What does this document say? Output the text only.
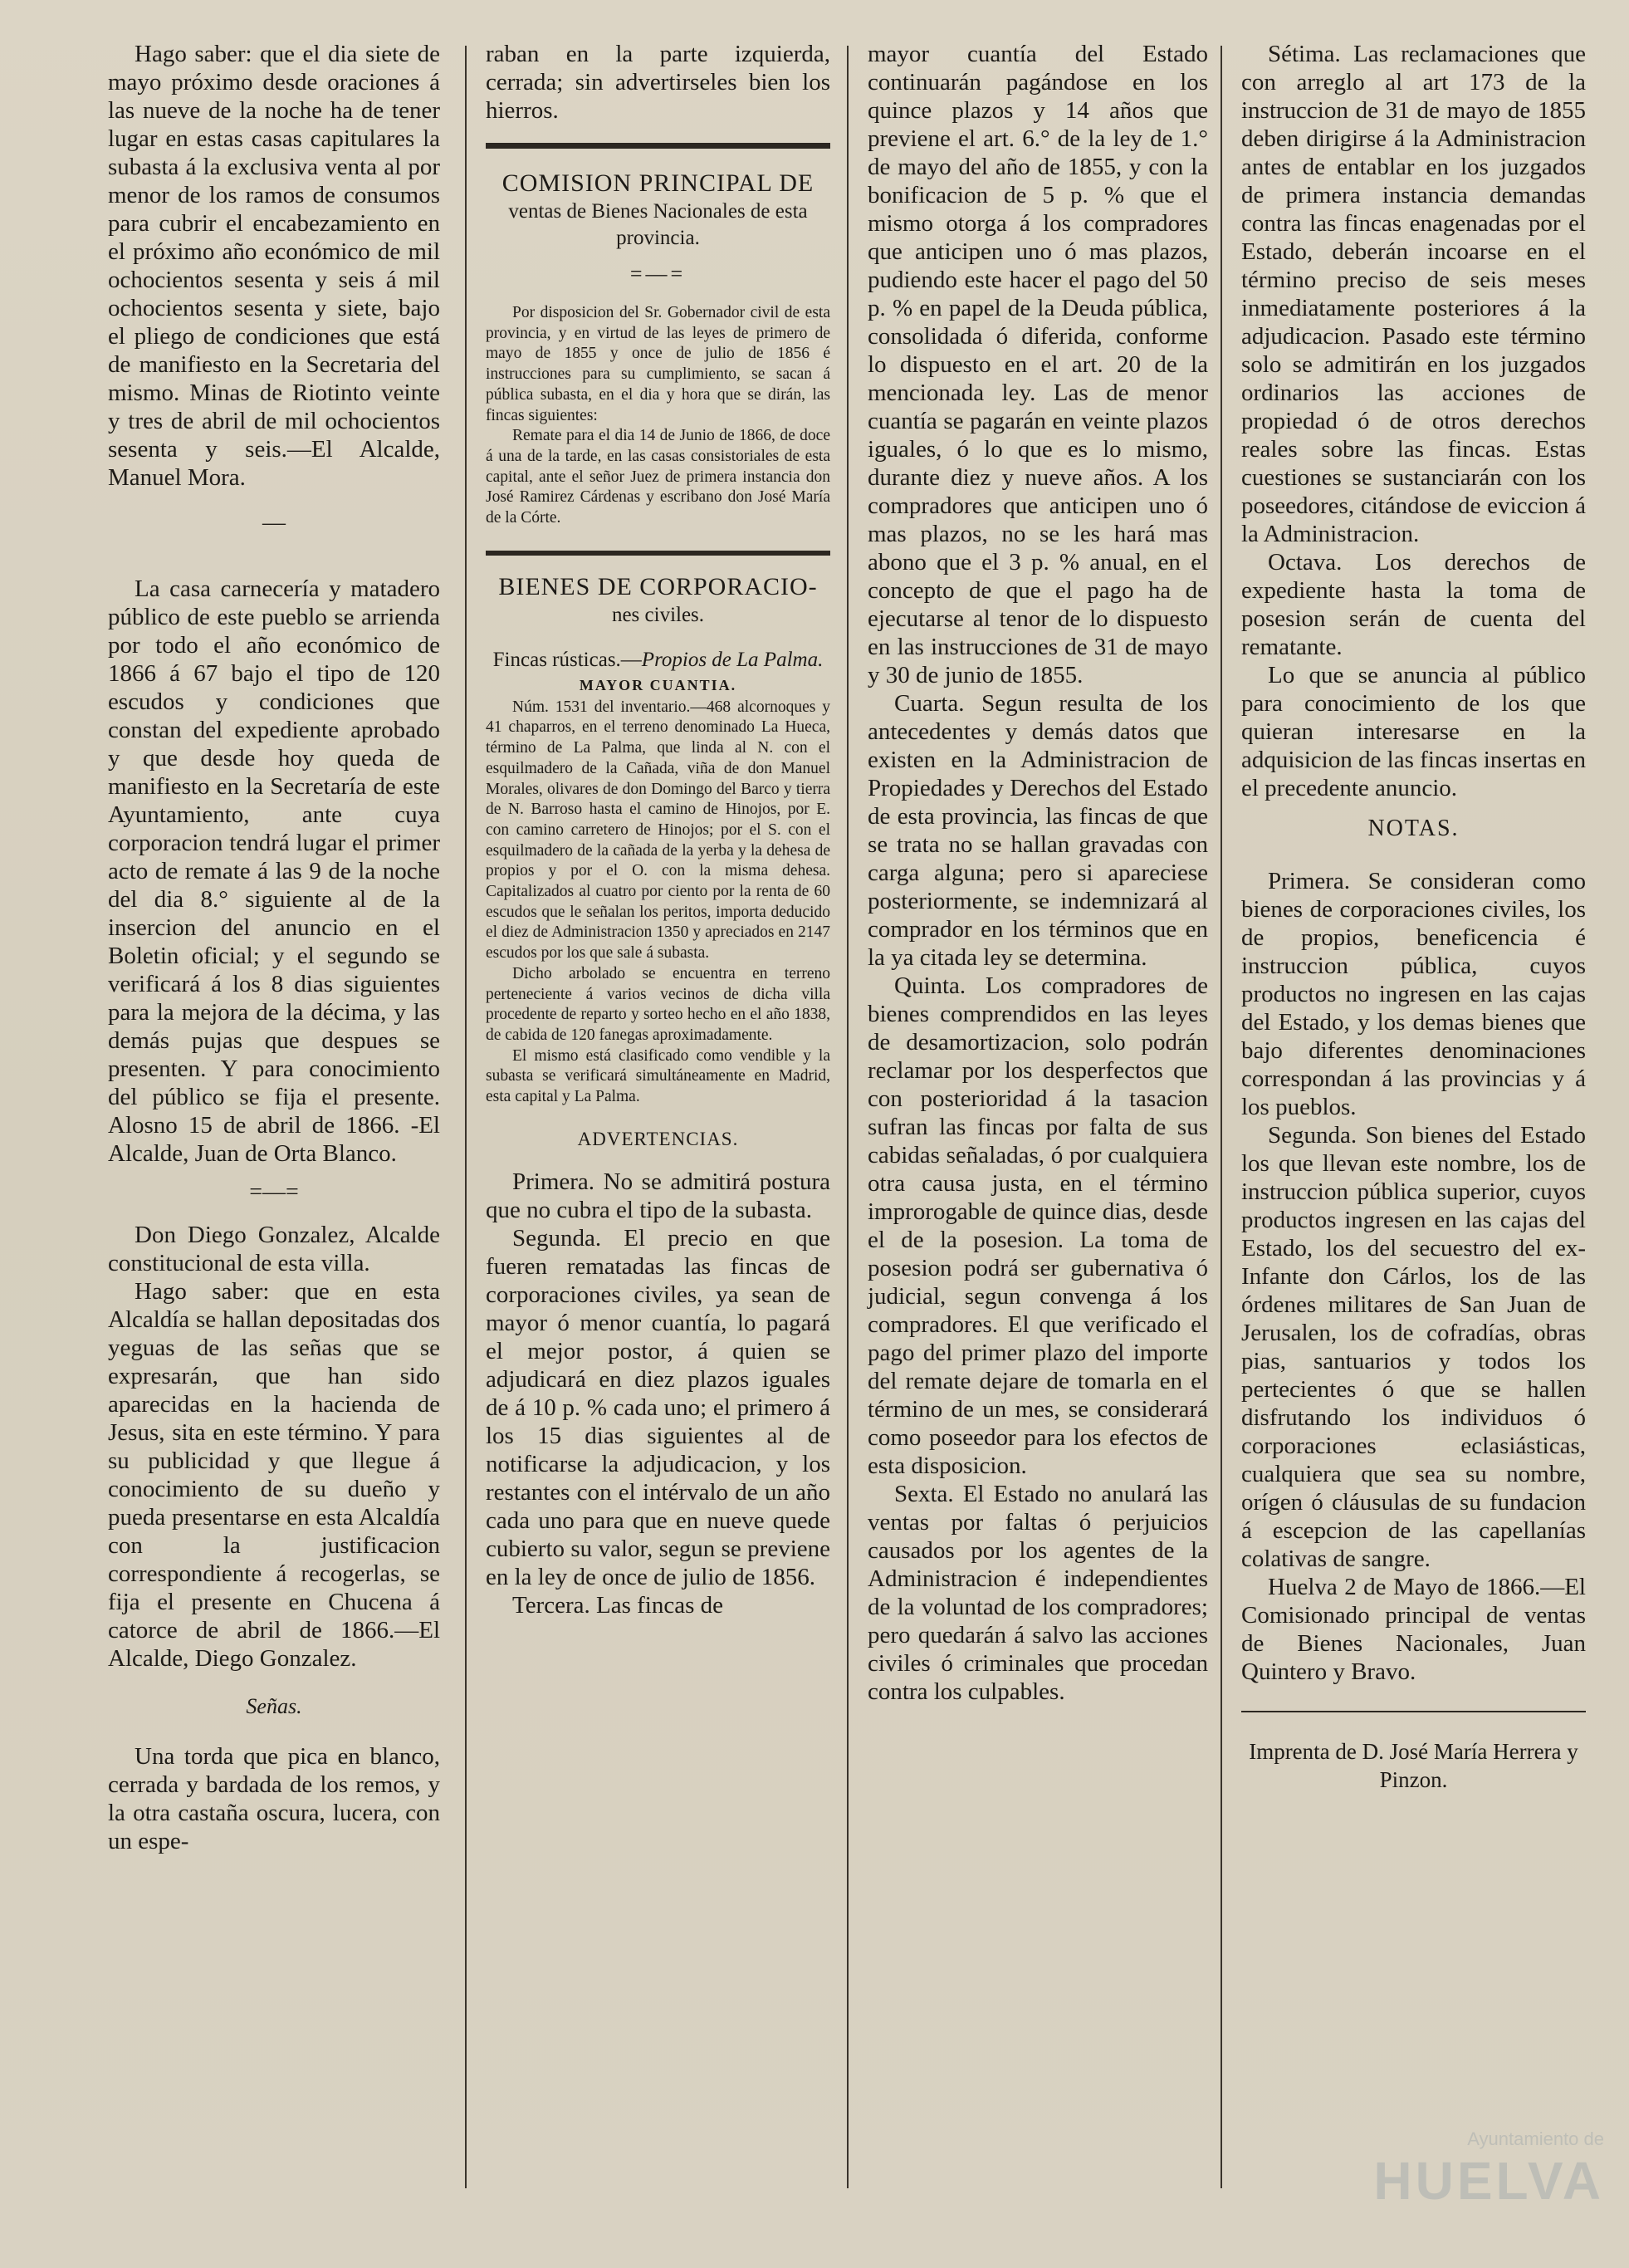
Hago saber: que el dia siete de mayo próximo desde oraciones á las nueve de la noche ha de tener lugar en estas casas capitulares la subasta á la exclusiva venta al por menor de los ramos de consumos para cubrir el encabezamiento en el próximo año económico de mil ochocientos sesenta y seis á mil ochocientos sesenta y siete, bajo el pliego de condiciones que está de manifiesto en la Secretaria del mismo. Minas de Riotinto veinte y tres de abril de mil ochocientos sesenta y seis.—El Alcalde, Manuel Mora.

—

La casa carnecería y matadero público de este pueblo se arrienda por todo el año económico de 1866 á 67 bajo el tipo de 120 escudos y condiciones que constan del expediente aprobado y que desde hoy queda de manifiesto en la Secretaría de este Ayuntamiento, ante cuya corporacion tendrá lugar el primer acto de remate á las 9 de la noche del dia 8.° siguiente al de la insercion del anuncio en el Boletin oficial; y el segundo se verificará á los 8 dias siguientes para la mejora de la décima, y las demás pujas que despues se presenten. Y para conocimiento del público se fija el presente. Alosno 15 de abril de 1866. -El Alcalde, Juan de Orta Blanco.

=—=

Don Diego Gonzalez, Alcalde constitucional de esta villa.

Hago saber: que en esta Alcaldía se hallan depositadas dos yeguas de las señas que se expresarán, que han sido aparecidas en la hacienda de Jesus, sita en este término. Y para su publicidad y que llegue á conocimiento de su dueño y pueda presentarse en esta Alcaldía con la justificacion correspondiente á recogerlas, se fija el presente en Chucena á catorce de abril de 1866.—El Alcalde, Diego Gonzalez.

Señas.

Una torda que pica en blanco, cerrada y bardada de los remos, y la otra castaña oscura, lucera, con un espe-

raban en la parte izquierda, cerrada; sin advertirseles bien los hierros.

COMISION PRINCIPAL DE

ventas de Bienes Nacionales de esta provincia.

=—=

Por disposicion del Sr. Gobernador civil de esta provincia, y en virtud de las leyes de primero de mayo de 1855 y once de julio de 1856 é instrucciones para su cumplimiento, se sacan á pública subasta, en el dia y hora que se dirán, las fincas siguientes:

Remate para el dia 14 de Junio de 1866, de doce á una de la tarde, en las casas consistoriales de esta capital, ante el señor Juez de primera instancia don José Ramirez Cárdenas y escribano don José María de la Córte.

BIENES DE CORPORACIO-

nes civiles.

Fincas rústicas.—Propios de La Palma.

MAYOR CUANTIA.

Núm. 1531 del inventario.—468 alcornoques y 41 chaparros, en el terreno denominado La Hueca, término de La Palma, que linda al N. con el esquilmadero de la Cañada, viña de don Manuel Morales, olivares de don Domingo del Barco y tierra de N. Barroso hasta el camino de Hinojos, por E. con camino carretero de Hinojos; por el S. con el esquilmadero de la cañada de la yerba y la dehesa de propios y por el O. con la misma dehesa. Capitalizados al cuatro por ciento por la renta de 60 escudos que le señalan los peritos, importa deducido el diez de Administracion 1350 y apreciados en 2147 escudos por los que sale á subasta.

Dicho arbolado se encuentra en terreno perteneciente á varios vecinos de dicha villa procedente de reparto y sorteo hecho en el año 1838, de cabida de 120 fanegas aproximadamente.

El mismo está clasificado como vendible y la subasta se verificará simultáneamente en Madrid, esta capital y La Palma.

ADVERTENCIAS.

Primera. No se admitirá postura que no cubra el tipo de la subasta.

Segunda. El precio en que fueren rematadas las fincas de corporaciones civiles, ya sean de mayor ó menor cuantía, lo pagará el mejor postor, á quien se adjudicará en diez plazos iguales de á 10 p. % cada uno; el primero á los 15 dias siguientes al de notificarse la adjudicacion, y los restantes con el intérvalo de un año cada uno para que en nueve quede cubierto su valor, segun se previene en la ley de once de julio de 1856.

Tercera. Las fincas de

mayor cuantía del Estado continuarán pagándose en los quince plazos y 14 años que previene el art. 6.° de la ley de 1.° de mayo del año de 1855, y con la bonificacion de 5 p. % que el mismo otorga á los compradores que anticipen uno ó mas plazos, pudiendo este hacer el pago del 50 p. % en papel de la Deuda pública, consolidada ó diferida, conforme lo dispuesto en el art. 20 de la mencionada ley. Las de menor cuantía se pagarán en veinte plazos iguales, ó lo que es lo mismo, durante diez y nueve años. A los compradores que anticipen uno ó mas plazos, no se les hará mas abono que el 3 p. % anual, en el concepto de que el pago ha de ejecutarse al tenor de lo dispuesto en las instrucciones de 31 de mayo y 30 de junio de 1855.

Cuarta. Segun resulta de los antecedentes y demás datos que existen en la Administracion de Propiedades y Derechos del Estado de esta provincia, las fincas de que se trata no se hallan gravadas con carga alguna; pero si apareciese posteriormente, se indemnizará al comprador en los términos que en la ya citada ley se determina.

Quinta. Los compradores de bienes comprendidos en las leyes de desamortizacion, solo podrán reclamar por los desperfectos que con posterioridad á la tasacion sufran las fincas por falta de sus cabidas señaladas, ó por cualquiera otra causa justa, en el término improrogable de quince dias, desde el de la posesion. La toma de posesion podrá ser gubernativa ó judicial, segun convenga á los compradores. El que verificado el pago del primer plazo del importe del remate dejare de tomarla en el término de un mes, se considerará como poseedor para los efectos de esta disposicion.

Sexta. El Estado no anulará las ventas por faltas ó perjuicios causados por los agentes de la Administracion é independientes de la voluntad de los compradores; pero quedarán á salvo las acciones civiles ó criminales que procedan contra los culpables.

Sétima. Las reclamaciones que con arreglo al art 173 de la instruccion de 31 de mayo de 1855 deben dirigirse á la Administracion antes de entablar en los juzgados de primera instancia demandas contra las fincas enagenadas por el Estado, deberán incoarse en el término preciso de seis meses inmediatamente posteriores á la adjudicacion. Pasado este término solo se admitirán en los juzgados ordinarios las acciones de propiedad ó de otros derechos reales sobre las fincas. Estas cuestiones se sustanciarán con los poseedores, citándose de eviccion á la Administracion.

Octava. Los derechos de expediente hasta la toma de posesion serán de cuenta del rematante.

Lo que se anuncia al público para conocimiento de los que quieran interesarse en la adquisicion de las fincas insertas en el precedente anuncio.

NOTAS.

Primera. Se consideran como bienes de corporaciones civiles, los de propios, beneficencia é instruccion pública, cuyos productos no ingresen en las cajas del Estado, y los demas bienes que bajo diferentes denominaciones correspondan á las provincias y á los pueblos.

Segunda. Son bienes del Estado los que llevan este nombre, los de instruccion pública superior, cuyos productos ingresen en las cajas del Estado, los del secuestro del ex-Infante don Cárlos, los de las órdenes militares de San Juan de Jerusalen, los de cofradías, obras pias, santuarios y todos los pertecientes ó que se hallen disfrutando los individuos ó corporaciones eclasiásticas, cualquiera que sea su nombre, orígen ó cláusulas de su fundacion á escepcion de las capellanías colativas de sangre.

Huelva 2 de Mayo de 1866.—El Comisionado principal de ventas de Bienes Nacionales, Juan Quintero y Bravo.

Imprenta de D. José María Herrera y Pinzon.

Ayuntamiento de
HUELVA
